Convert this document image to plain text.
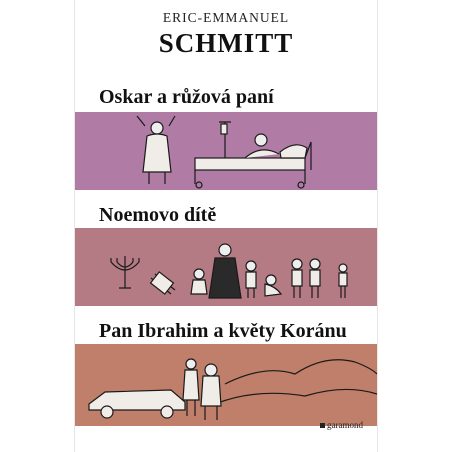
ERIC-EMMANUEL
SCHMITT
Oskar a růžová paní
Noemovo dítě
Pan Ibrahim a květy Koránu
garamond
